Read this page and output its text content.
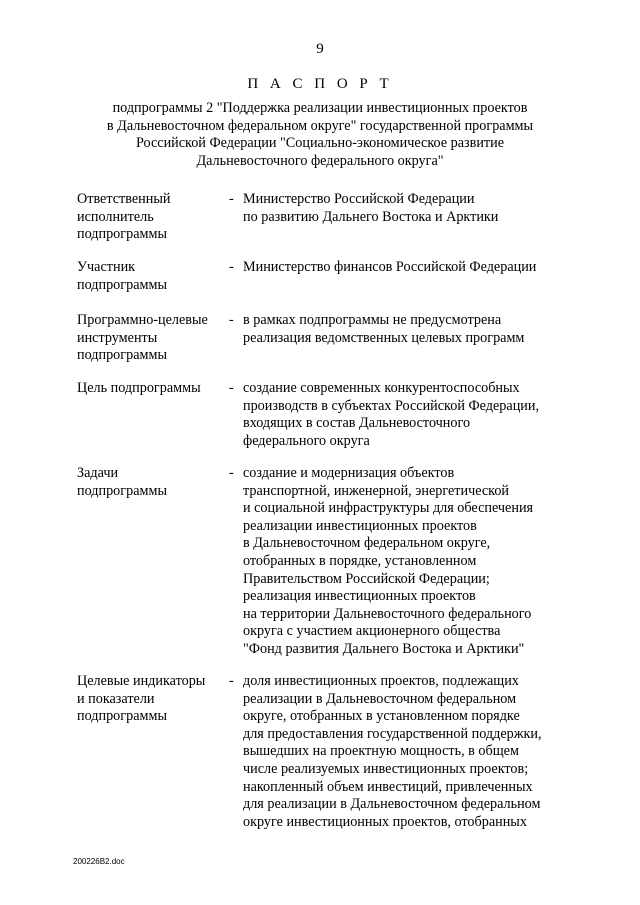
9
П А С П О Р Т
подпрограммы 2 "Поддержка реализации инвестиционных проектов
в Дальневосточном федеральном округе" государственной программы
Российской Федерации "Социально-экономическое развитие
Дальневосточного федерального округа"
Ответственный
исполнитель
подпрограммы
- Министерство Российской Федерации
по развитию Дальнего Востока и Арктики
Участник
подпрограммы
- Министерство финансов Российской Федерации
Программно-целевые
инструменты
подпрограммы
- в рамках подпрограммы не предусмотрена
реализация ведомственных целевых программ
Цель подпрограммы	- создание современных конкурентоспособных
производств в субъектах Российской Федерации,
входящих в состав Дальневосточного
федерального округа
Задачи
подпрограммы
- создание и модернизация объектов
транспортной, инженерной, энергетической
и социальной инфраструктуры для обеспечения
реализации инвестиционных проектов
в Дальневосточном федеральном округе,
отобранных в порядке, установленном
Правительством Российской Федерации;
реализация инвестиционных проектов
на территории Дальневосточного федерального
округа с участием акционерного общества
"Фонд развития Дальнего Востока и Арктики"
Целевые индикаторы
и показатели
подпрограммы
- доля инвестиционных проектов, подлежащих
реализации в Дальневосточном федеральном
округе, отобранных в установленном порядке
для предоставления государственной поддержки,
вышедших на проектную мощность, в общем
числе реализуемых инвестиционных проектов;
накопленный объем инвестиций, привлеченных
для реализации в Дальневосточном федеральном
округе инвестиционных проектов, отобранных
200226В2.doc
